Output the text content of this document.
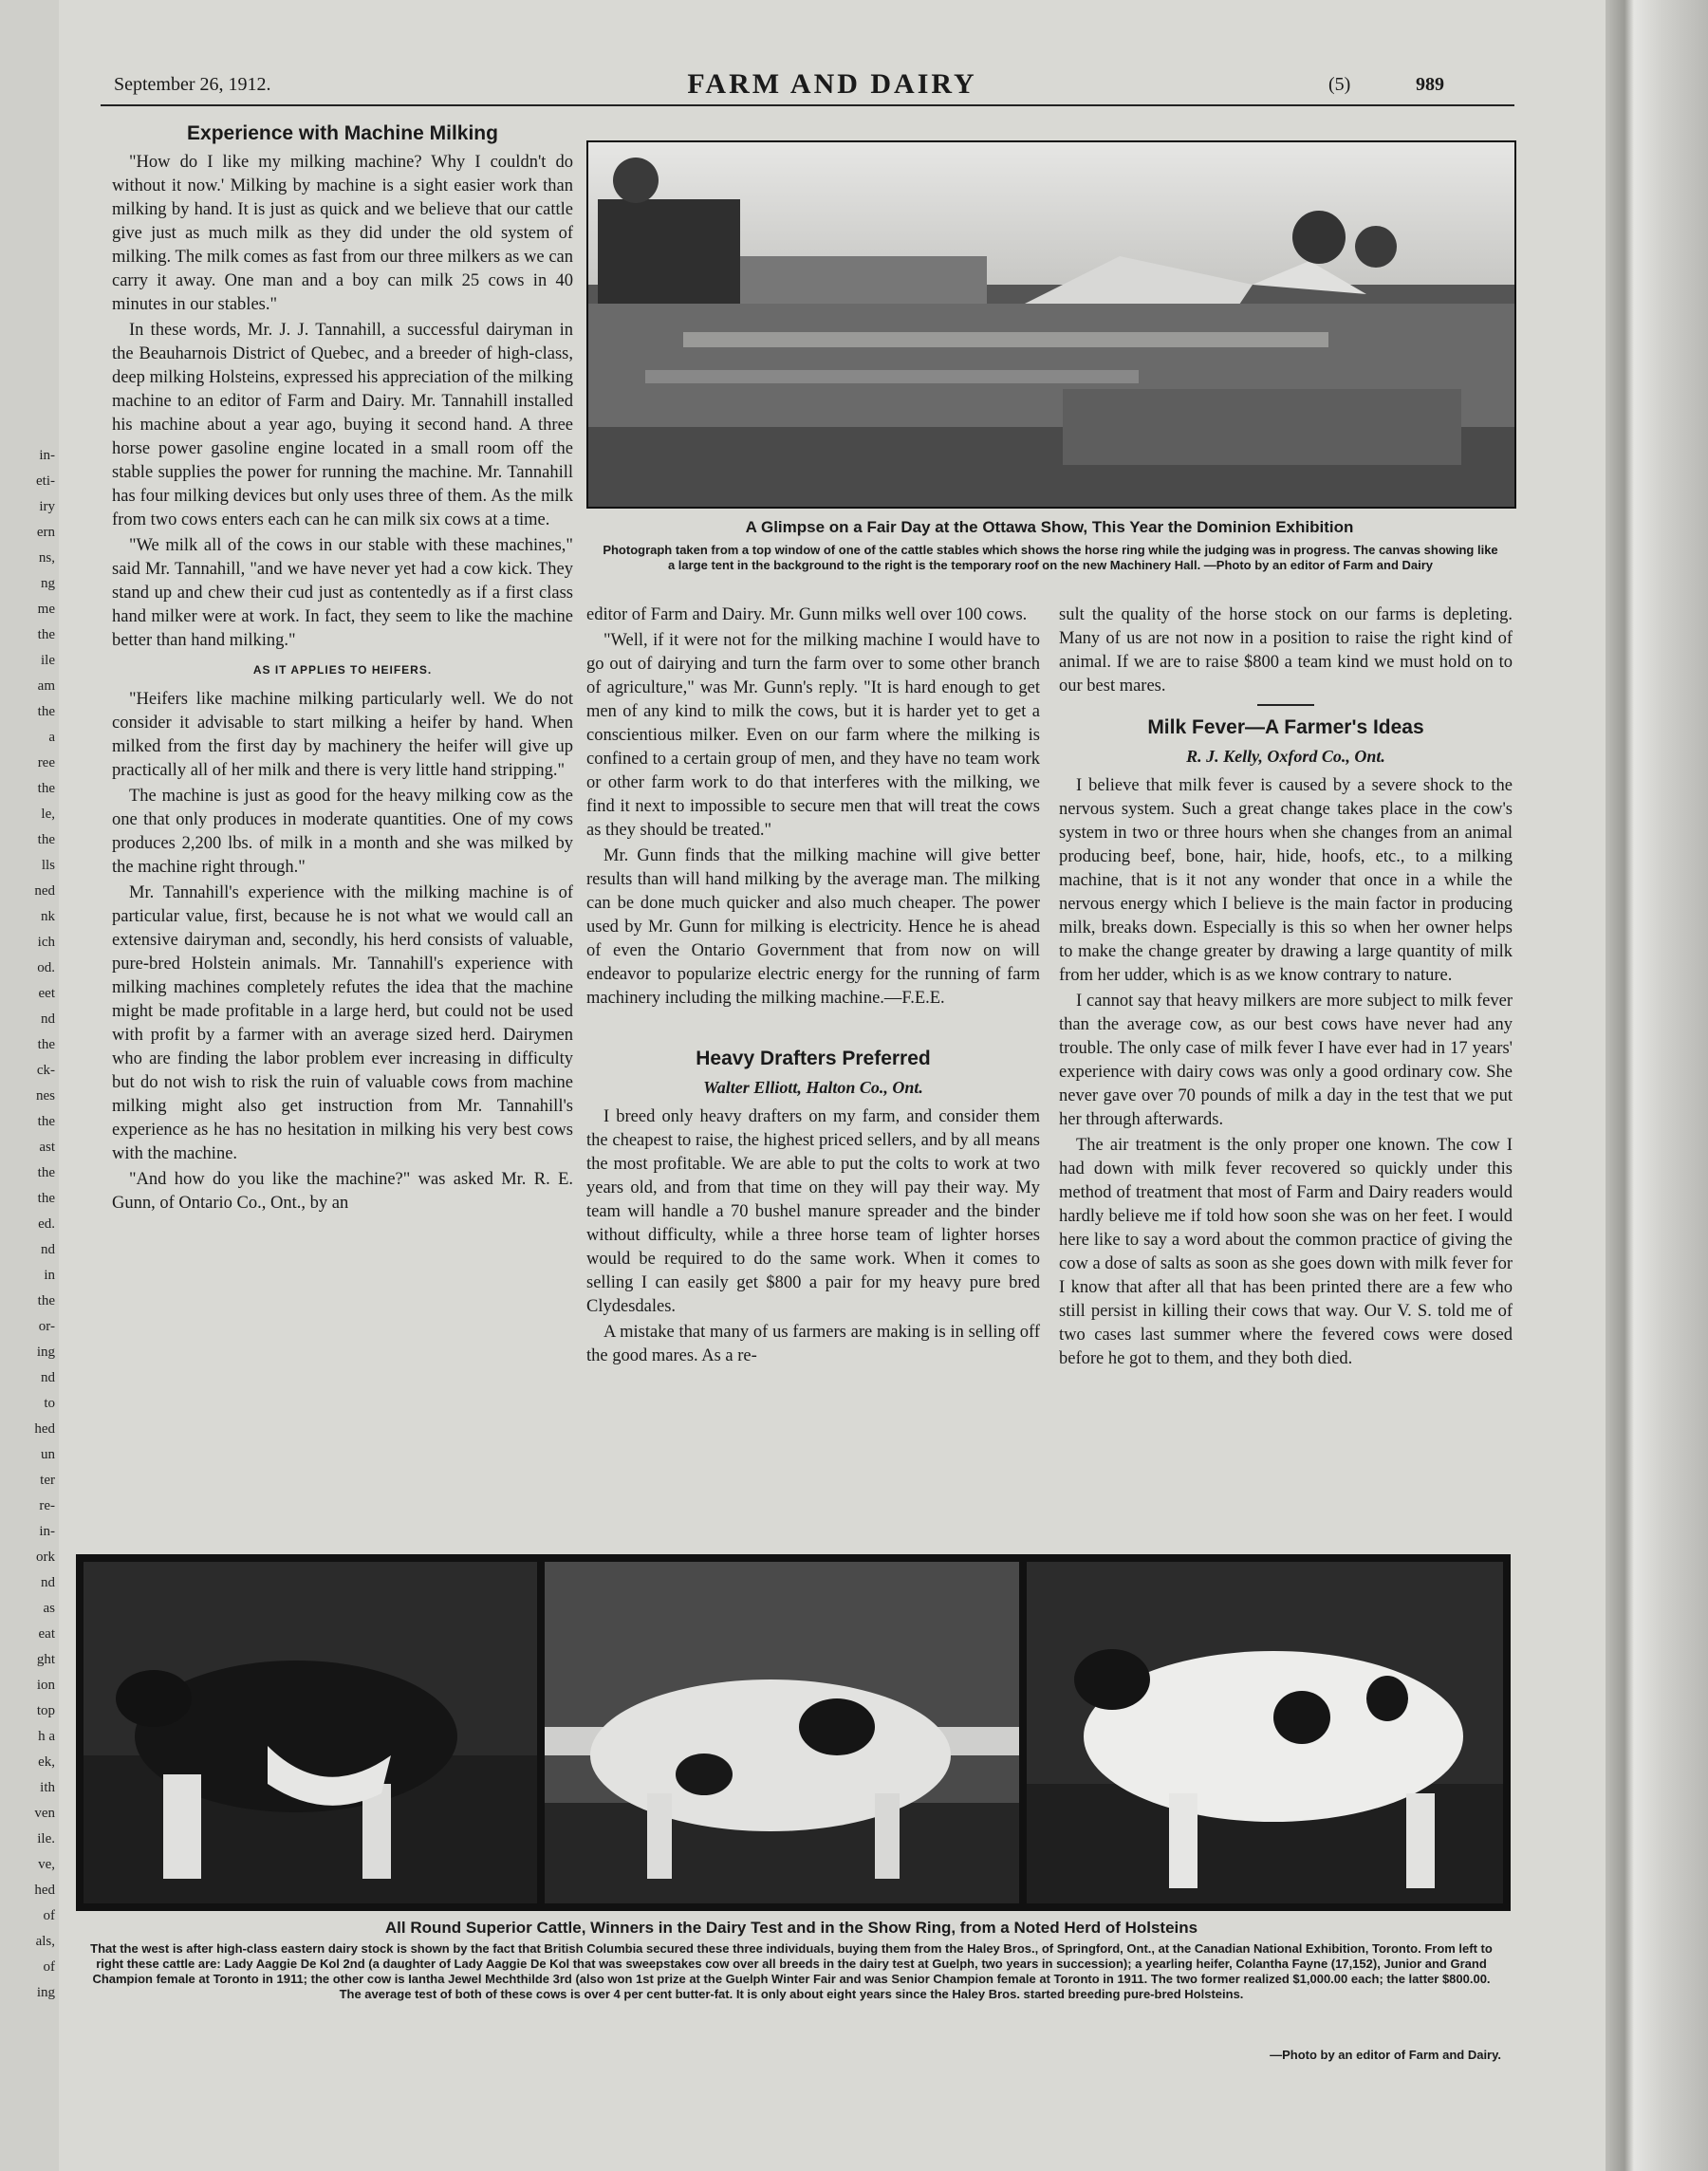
in-
eti-
iry
ern
ns,
ng
me
the
ile
am
the
a
ree
the
le,
the
lls
ned
nk
ich
od.
eet
nd
the
ck-
nes
the
ast
the
the
ed.
nd
in
the
or-
ing
nd
to
hed
un
ter
re-
in-
ork
nd
as
eat
ght
ion
top
h a
ek,
ith
ven
ile.
ve,
hed
of
als,
of
ing
September 26, 1912.	FARM AND DAIRY	(5)	989
Experience with Machine Milking

"How do I like my milking machine? Why I couldn't do without it now.' Milking by machine is a sight easier work than milking by hand. It is just as quick and we believe that our cattle give just as much milk as they did under the old system of milking. The milk comes as fast from our three milkers as we can carry it away. One man and a boy can milk 25 cows in 40 minutes in our stables."

In these words, Mr. J. J. Tannahill, a successful dairyman in the Beauharnois District of Quebec, and a breeder of high-class, deep milking Holsteins, expressed his appreciation of the milking machine to an editor of Farm and Dairy. Mr. Tannahill installed his machine about a year ago, buying it second hand. A three horse power gasoline engine located in a small room off the stable supplies the power for running the machine. Mr. Tannahill has four milking devices but only uses three of them. As the milk from two cows enters each can he can milk six cows at a time.

"We milk all of the cows in our stable with these machines," said Mr. Tannahill, "and we have never yet had a cow kick. They stand up and chew their cud just as contentedly as if a first class hand milker were at work. In fact, they seem to like the machine better than hand milking."

AS IT APPLIES TO HEIFERS.

"Heifers like machine milking particularly well. We do not consider it advisable to start milking a heifer by hand. When milked from the first day by machinery the heifer will give up practically all of her milk and there is very little hand stripping."

The machine is just as good for the heavy milking cow as the one that only produces in moderate quantities. One of my cows produces 2,200 lbs. of milk in a month and she was milked by the machine right through."

Mr. Tannahill's experience with the milking machine is of particular value, first, because he is not what we would call an extensive dairyman and, secondly, his herd consists of valuable, pure-bred Holstein animals. Mr. Tannahill's experience with milking machines completely refutes the idea that the machine might be made profitable in a large herd, but could not be used with profit by a farmer with an average sized herd. Dairymen who are finding the labor problem ever increasing in difficulty but do not wish to risk the ruin of valuable cows from machine milking might also get instruction from Mr. Tannahill's experience as he has no hesitation in milking his very best cows with the machine.

"And how do you like the machine?" was asked Mr. R. E. Gunn, of Ontario Co., Ont., by an

A Glimpse on a Fair Day at the Ottawa Show, This Year the Dominion Exhibition
Photograph taken from a top window of one of the cattle stables which shows the horse ring while the judging was in progress. The canvas showing like a large tent in the background to the right is the temporary roof on the new Machinery Hall. —Photo by an editor of Farm and Dairy

editor of Farm and Dairy. Mr. Gunn milks well over 100 cows.

"Well, if it were not for the milking machine I would have to go out of dairying and turn the farm over to some other branch of agriculture," was Mr. Gunn's reply. "It is hard enough to get men of any kind to milk the cows, but it is harder yet to get a conscientious milker. Even on our farm where the milking is confined to a certain group of men, and they have no team work or other farm work to do that interferes with the milking, we find it next to impossible to secure men that will treat the cows as they should be treated."

Mr. Gunn finds that the milking machine will give better results than will hand milking by the average man. The milking can be done much quicker and also much cheaper. The power used by Mr. Gunn for milking is electricity. Hence he is ahead of even the Ontario Government that from now on will endeavor to popularize electric energy for the running of farm machinery including the milking machine.—F.E.E.

Heavy Drafters Preferred
Walter Elliott, Halton Co., Ont.

I breed only heavy drafters on my farm, and consider them the cheapest to raise, the highest priced sellers, and by all means the most profitable. We are able to put the colts to work at two years old, and from that time on they will pay their way. My team will handle a 70 bushel manure spreader and the binder without difficulty, while a three horse team of lighter horses would be required to do the same work. When it comes to selling I can easily get $800 a pair for my heavy pure bred Clydesdales.

A mistake that many of us farmers are making is in selling off the good mares. As a re-

sult the quality of the horse stock on our farms is depleting. Many of us are not now in a position to raise the right kind of animal. If we are to raise $800 a team kind we must hold on to our best mares.

Milk Fever—A Farmer's Ideas
R. J. Kelly, Oxford Co., Ont.

I believe that milk fever is caused by a severe shock to the nervous system. Such a great change takes place in the cow's system in two or three hours when she changes from an animal producing beef, bone, hair, hide, hoofs, etc., to a milking machine, that is it not any wonder that once in a while the nervous energy which I believe is the main factor in producing milk, breaks down. Especially is this so when her owner helps to make the change greater by drawing a large quantity of milk from her udder, which is as we know contrary to nature.

I cannot say that heavy milkers are more subject to milk fever than the average cow, as our best cows have never had any trouble. The only case of milk fever I have ever had in 17 years' experience with dairy cows was only a good ordinary cow. She never gave over 70 pounds of milk a day in the test that we put her through afterwards.

The air treatment is the only proper one known. The cow I had down with milk fever recovered so quickly under this method of treatment that most of Farm and Dairy readers would hardly believe me if told how soon she was on her feet. I would here like to say a word about the common practice of giving the cow a dose of salts as soon as she goes down with milk fever for I know that after all that has been printed there are a few who still persist in killing their cows that way. Our V. S. told me of two cases last summer where the fevered cows were dosed before he got to them, and they both died.

All Round Superior Cattle, Winners in the Dairy Test and in the Show Ring, from a Noted Herd of Holsteins
That the west is after high-class eastern dairy stock is shown by the fact that British Columbia secured these three individuals, buying them from the Haley Bros., of Springford, Ont., at the Canadian National Exhibition, Toronto. From left to right these cattle are: Lady Aaggie De Kol 2nd (a daughter of Lady Aaggie De Kol that was sweepstakes cow over all breeds in the dairy test at Guelph, two years in succession); a yearling heifer, Colantha Fayne (17,152), Junior and Grand Champion female at Toronto in 1911; the other cow is Iantha Jewel Mechthilde 3rd (also won 1st prize at the Guelph Winter Fair and was Senior Champion female at Toronto in 1911. The two former realized $1,000.00 each; the latter $800.00. The average test of both of these cows is over 4 per cent butter-fat. It is only about eight years since the Haley Bros. started breeding pure-bred Holsteins.
—Photo by an editor of Farm and Dairy.
